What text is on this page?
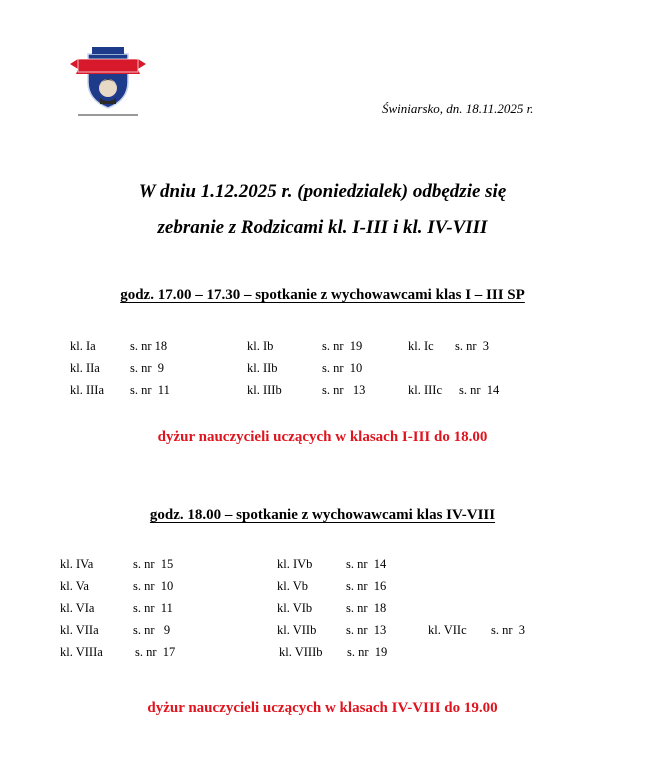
Świniarsko, dn. 18.11.2025 r.
W dniu 1.12.2025 r. (poniedzialek) odbędzie się
zebranie z Rodzicami kl. I-III i kl. IV-VIII
godz. 17.00 – 17.30 – spotkanie z wychowawcami klas I – III SP
kl. Ia	s. nr 18	kl. Ib	s. nr  19	kl. Ic s. nr  3
kl. IIa s. nr  9	kl. IIb	s. nr  10
kl. IIIa s. nr  11	kl. IIIb	s. nr   13	kl. IIIc s. nr  14
dyżur nauczycieli uczących w klasach I-III do 18.00
godz. 18.00 – spotkanie z wychowawcami klas IV-VIII
kl. IVa	s. nr  15	kl. IVb	s. nr  14
kl. Va	s. nr  10	kl. Vb	s. nr  16
kl. VIa	s. nr  11	kl. VIb	s. nr  18
kl. VIIa	s. nr   9	kl. VIIb s. nr  13	kl. VIIc s. nr  3
kl. VIIIa	s. nr  17	kl. VIIIb s. nr  19
dyżur nauczycieli uczących w klasach IV-VIII do 19.00
